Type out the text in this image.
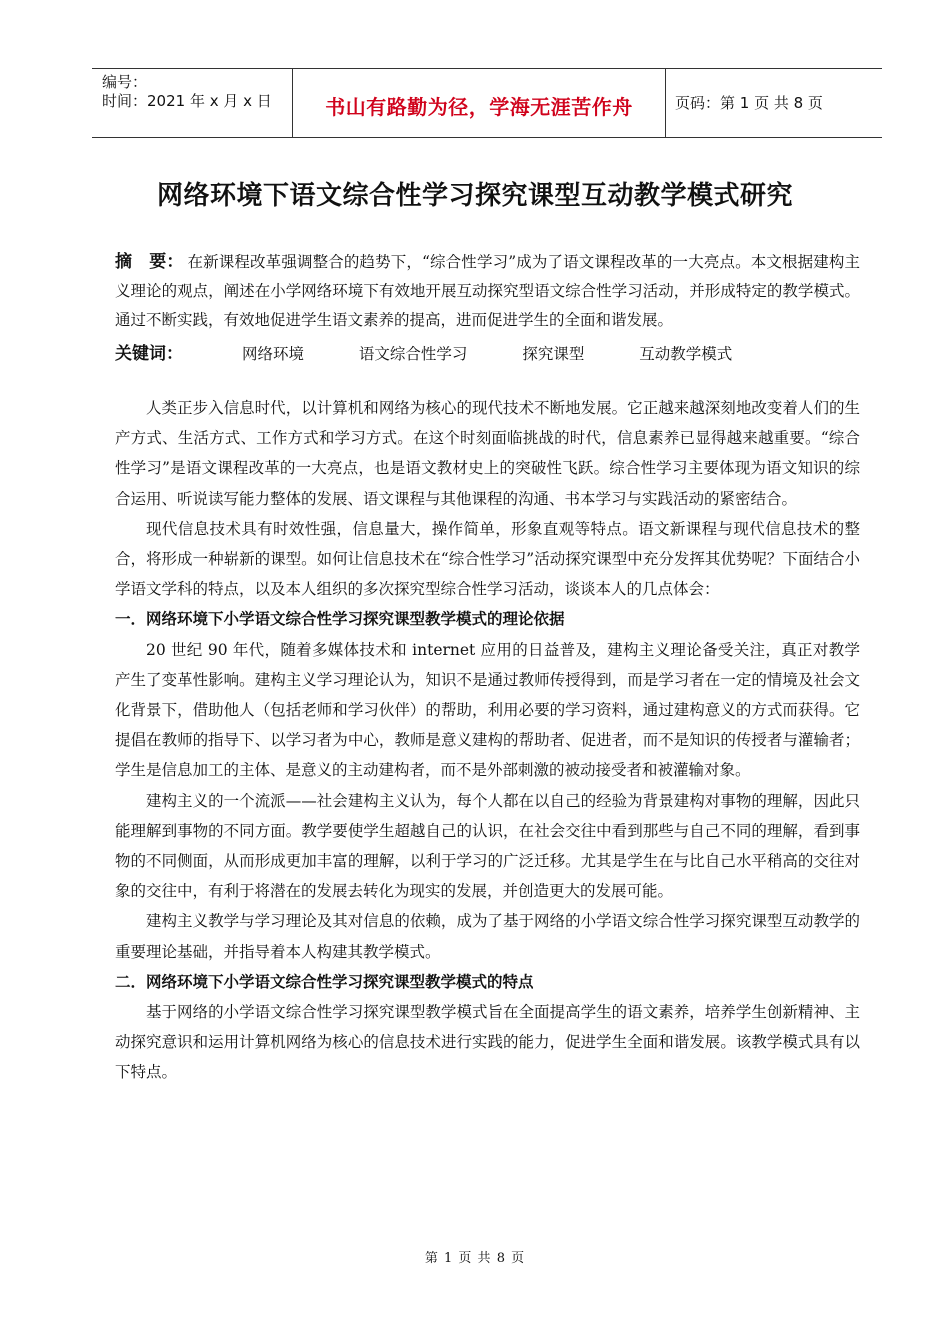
编号：
时间：2021 年 x 月 x 日	书山有路勤为径，学海无涯苦作舟	页码：第 1 页 共 8 页
网络环境下语文综合性学习探究课型互动教学模式研究
摘　要： 在新课程改革强调整合的趋势下，“综合性学习”成为了语文课程改革的一大亮点。本文根据建构主义理论的观点，阐述在小学网络环境下有效地开展互动探究型语文综合性学习活动，并形成特定的教学模式。通过不断实践，有效地促进学生语文素养的提高，进而促进学生的全面和谐发展。
关键词：	网络环境	语文综合性学习	探究课型	互动教学模式

人类正步入信息时代，以计算机和网络为核心的现代技术不断地发展。它正越来越深刻地改变着人们的生产方式、生活方式、工作方式和学习方式。在这个时刻面临挑战的时代，信息素养已显得越来越重要。“综合性学习”是语文课程改革的一大亮点，也是语文教材史上的突破性飞跃。综合性学习主要体现为语文知识的综合运用、听说读写能力整体的发展、语文课程与其他课程的沟通、书本学习与实践活动的紧密结合。

现代信息技术具有时效性强，信息量大，操作简单，形象直观等特点。语文新课程与现代信息技术的整合，将形成一种崭新的课型。如何让信息技术在“综合性学习”活动探究课型中充分发挥其优势呢？下面结合小学语文学科的特点，以及本人组织的多次探究型综合性学习活动，谈谈本人的几点体会：

一．网络环境下小学语文综合性学习探究课型教学模式的理论依据

20 世纪 90 年代，随着多媒体技术和 internet 应用的日益普及，建构主义理论备受关注，真正对教学产生了变革性影响。建构主义学习理论认为，知识不是通过教师传授得到，而是学习者在一定的情境及社会文化背景下，借助他人（包括老师和学习伙伴）的帮助，利用必要的学习资料，通过建构意义的方式而获得。它提倡在教师的指导下、以学习者为中心，教师是意义建构的帮助者、促进者，而不是知识的传授者与灌输者；学生是信息加工的主体、是意义的主动建构者，而不是外部刺激的被动接受者和被灌输对象。

建构主义的一个流派——社会建构主义认为，每个人都在以自己的经验为背景建构对事物的理解，因此只能理解到事物的不同方面。教学要使学生超越自己的认识，在社会交往中看到那些与自己不同的理解，看到事物的不同侧面，从而形成更加丰富的理解，以利于学习的广泛迁移。尤其是学生在与比自己水平稍高的交往对象的交往中，有利于将潜在的发展去转化为现实的发展，并创造更大的发展可能。

建构主义教学与学习理论及其对信息的依赖，成为了基于网络的小学语文综合性学习探究课型互动教学的重要理论基础，并指导着本人构建其教学模式。

二．网络环境下小学语文综合性学习探究课型教学模式的特点

基于网络的小学语文综合性学习探究课型教学模式旨在全面提高学生的语文素养，培养学生创新精神、主动探究意识和运用计算机网络为核心的信息技术进行实践的能力，促进学生全面和谐发展。该教学模式具有以下特点。

第 1 页 共 8 页
